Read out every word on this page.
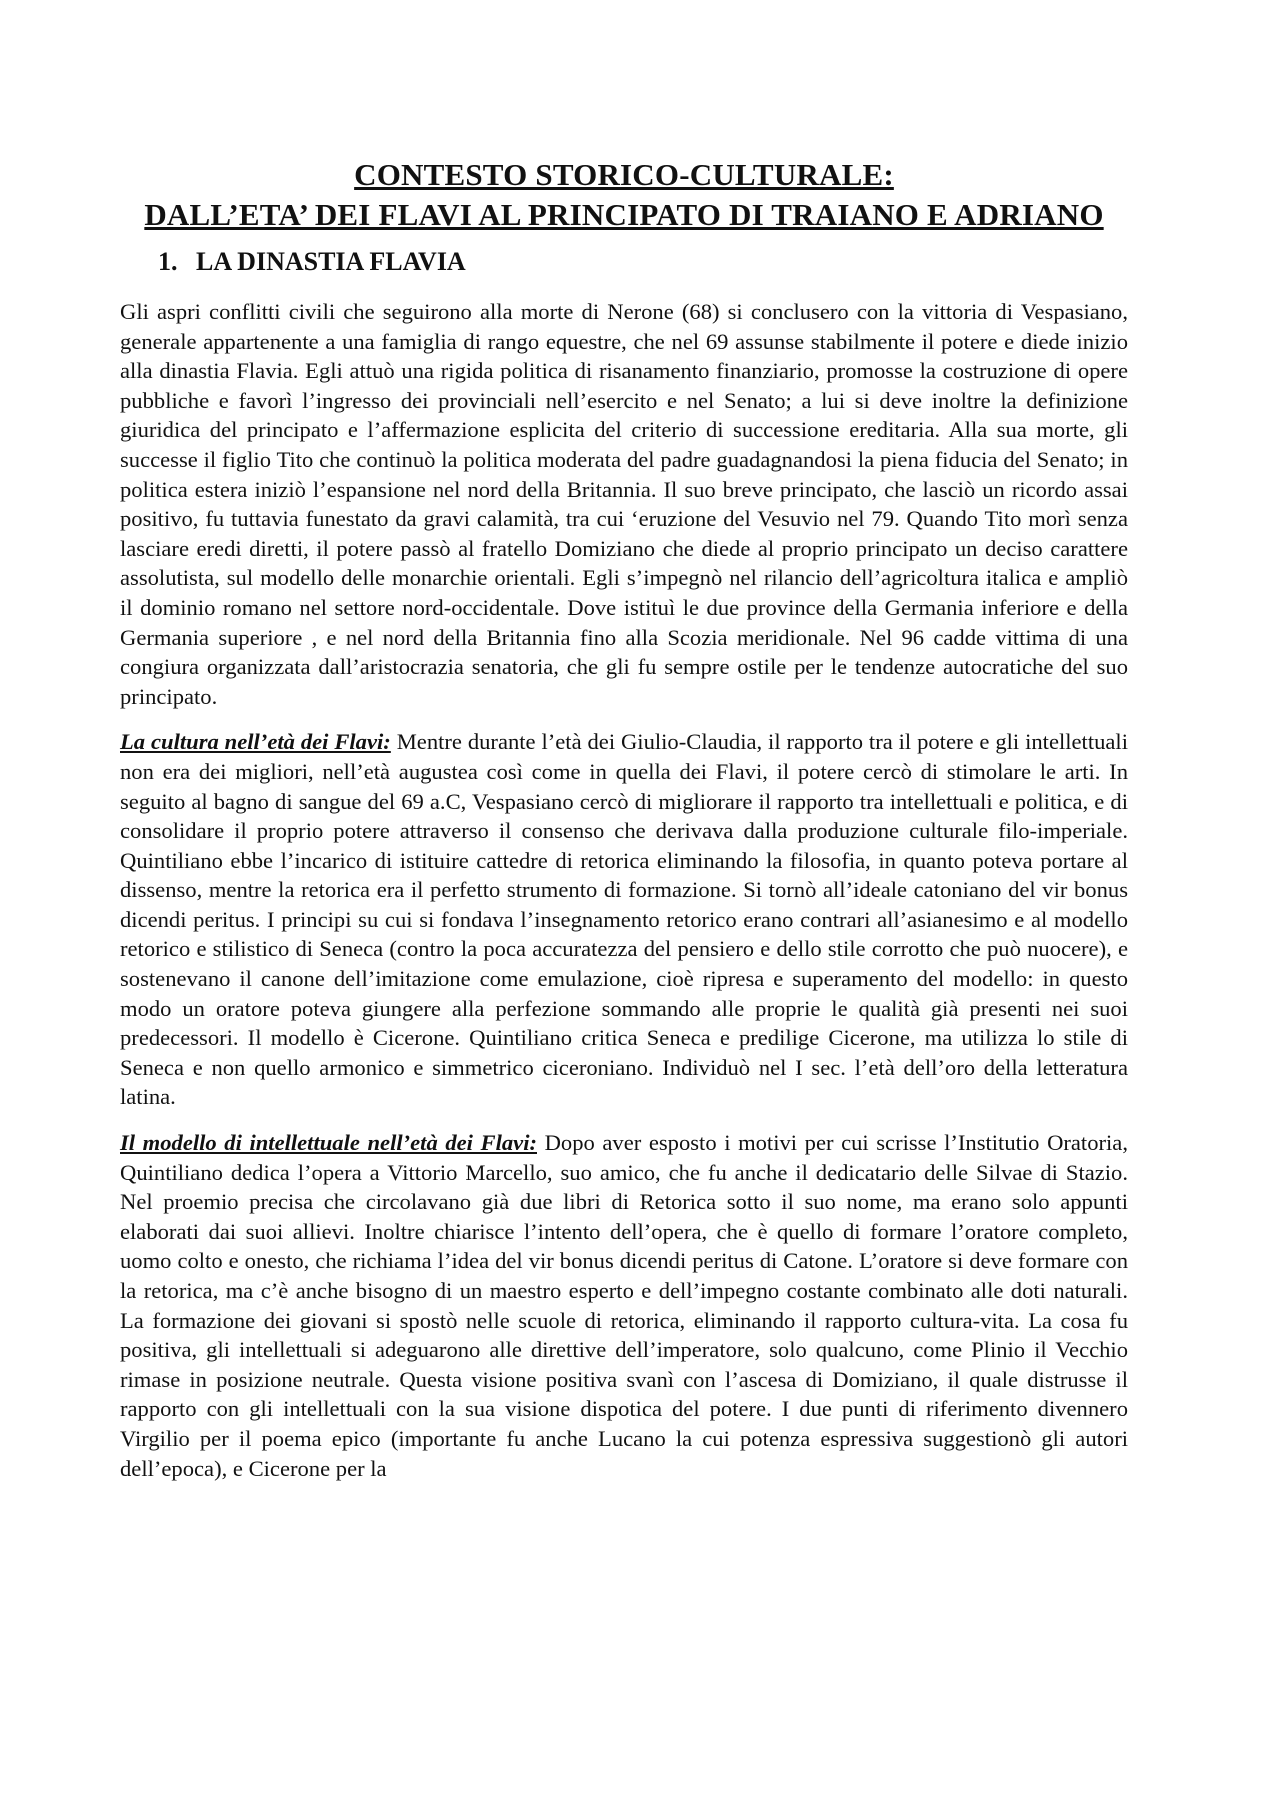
CONTESTO STORICO-CULTURALE:
DALL’ETA’ DEI FLAVI AL PRINCIPATO DI TRAIANO E ADRIANO
1. LA DINASTIA FLAVIA

Gli aspri conflitti civili che seguirono alla morte di Nerone (68) si conclusero con la vittoria di Vespasiano, generale appartenente a una famiglia di rango equestre, che nel 69 assunse stabilmente il potere e diede inizio alla dinastia Flavia. Egli attuò una rigida politica di risanamento finanziario, promosse la costruzione di opere pubbliche e favorì l’ingresso dei provinciali nell’esercito e nel Senato; a lui si deve inoltre la definizione giuridica del principato e l’affermazione esplicita del criterio di successione ereditaria. Alla sua morte, gli successe il figlio Tito che continuò la politica moderata del padre guadagnandosi la piena fiducia del Senato; in politica estera iniziò l’espansione nel nord della Britannia. Il suo breve principato, che lasciò un ricordo assai positivo, fu tuttavia funestato da gravi calamità, tra cui ‘eruzione del Vesuvio nel 79. Quando Tito morì senza lasciare eredi diretti, il potere passò al fratello Domiziano che diede al proprio principato un deciso carattere assolutista, sul modello delle monarchie orientali. Egli s’impegnò nel rilancio dell’agricoltura italica e ampliò il dominio romano nel settore nord-occidentale. Dove istituì le due province della Germania inferiore e della Germania superiore , e nel nord della Britannia fino alla Scozia meridionale. Nel 96 cadde vittima di una congiura organizzata dall’aristocrazia senatoria, che gli fu sempre ostile per le tendenze autocratiche del suo principato.

La cultura nell’età dei Flavi: Mentre durante l’età dei Giulio-Claudia, il rapporto tra il potere e gli intellettuali non era dei migliori, nell’età augustea così come in quella dei Flavi, il potere cercò di stimolare le arti. In seguito al bagno di sangue del 69 a.C, Vespasiano cercò di migliorare il rapporto tra intellettuali e politica, e di consolidare il proprio potere attraverso il consenso che derivava dalla produzione culturale filo-imperiale. Quintiliano ebbe l’incarico di istituire cattedre di retorica eliminando la filosofia, in quanto poteva portare al dissenso, mentre la retorica era il perfetto strumento di formazione. Si tornò all’ideale catoniano del vir bonus dicendi peritus. I principi su cui si fondava l’insegnamento retorico erano contrari all’asianesimo e al modello retorico e stilistico di Seneca (contro la poca accuratezza del pensiero e dello stile corrotto che può nuocere), e sostenevano il canone dell’imitazione come emulazione, cioè ripresa e superamento del modello: in questo modo un oratore poteva giungere alla perfezione sommando alle proprie le qualità già presenti nei suoi predecessori. Il modello è Cicerone. Quintiliano critica Seneca e predilige Cicerone, ma utilizza lo stile di Seneca e non quello armonico e simmetrico ciceroniano. Individuò nel I sec. l’età dell’oro della letteratura latina.

Il modello di intellettuale nell’età dei Flavi: Dopo aver esposto i motivi per cui scrisse l’Institutio Oratoria, Quintiliano dedica l’opera a Vittorio Marcello, suo amico, che fu anche il dedicatario delle Silvae di Stazio. Nel proemio precisa che circolavano già due libri di Retorica sotto il suo nome, ma erano solo appunti elaborati dai suoi allievi. Inoltre chiarisce l’intento dell’opera, che è quello di formare l’oratore completo, uomo colto e onesto, che richiama l’idea del vir bonus dicendi peritus di Catone. L’oratore si deve formare con la retorica, ma c’è anche bisogno di un maestro esperto e dell’impegno costante combinato alle doti naturali. La formazione dei giovani si spostò nelle scuole di retorica, eliminando il rapporto cultura-vita. La cosa fu positiva, gli intellettuali si adeguarono alle direttive dell’imperatore, solo qualcuno, come Plinio il Vecchio rimase in posizione neutrale. Questa visione positiva svanì con l’ascesa di Domiziano, il quale distrusse il rapporto con gli intellettuali con la sua visione dispotica del potere. I due punti di riferimento divennero Virgilio per il poema epico (importante fu anche Lucano la cui potenza espressiva suggestionò gli autori dell’epoca), e Cicerone per la
